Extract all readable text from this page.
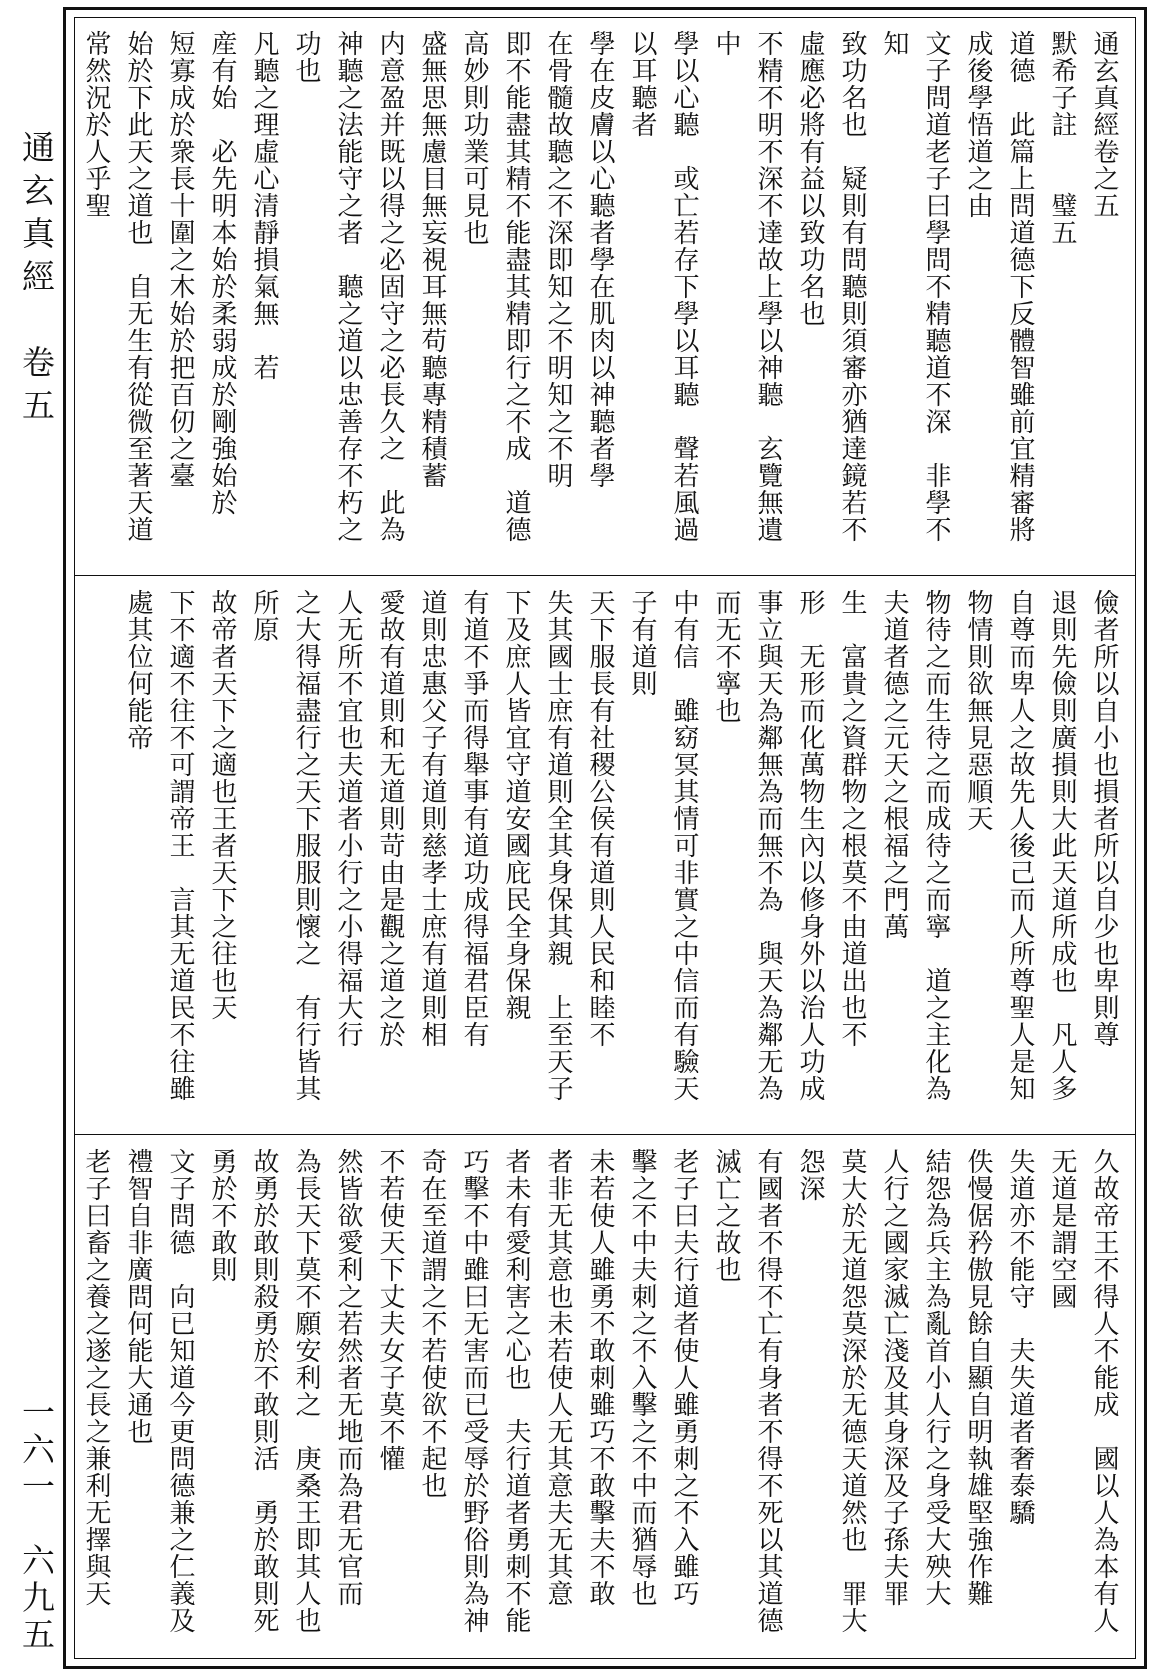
通玄真經　卷五
一六一　六九五
通玄真經卷之五
默希子註　　璧五
道德　此篇上問道德下反體智雖前宜精審將成後學悟道之由
文子問道老子曰學問不精聽道不深　非學不知
致功名也　疑則有問聽則須審亦猶達鏡若不虛應必將有益以致功名也
不精不明不深不達故上學以神聽　玄覽無遺中
學以心聽　或亡若存下學以耳聽　聲若風過以耳聽者
學在皮膚以心聽者學在肌肉以神聽者學
在骨髓故聽之不深即知之不明知之不明
即不能盡其精不能盡其精即行之不成　道德高妙則功業可見也
盛無思無慮目無妄視耳無苟聽專精積蓄
内意盈并既以得之必固守之必長久之　此為
神聽之法能守之者　聽之道以忠善存不朽之功也
凡聽之理虛心清靜損氣無　若
産有始　必先明本始於柔弱成於剛強始於
短寡成於衆長十圍之木始於把百仞之臺
始於下此天之道也　自无生有從微至著天道常然況於人乎聖

儉者所以自小也損者所以自少也卑則尊
退則先儉則廣損則大此天道所成也　凡人多自尊而卑人之故先人後己而人所尊聖人是知物情則欲無見惡順天
物待之而生待之而成待之而寧　道之主化為
夫道者德之元天之根福之門萬
生　富貴之資群物之根莫不由道出也不
形　无形而化萬物生內以修身外以治人功成
事立與天為鄰無為而無不為　與天為鄰无為而无不寧也
中有信　雖窈冥其情可非實之中信而有驗天子有道則
天下服長有社稷公侯有道則人民和睦不
失其國士庶有道則全其身保其親　上至天子下及庶人皆宜守道安國庇民全身保親
有道不爭而得舉事有道功成得福君臣有
道則忠惠父子有道則慈孝士庶有道則相
愛故有道則和无道則苛由是觀之道之於
人无所不宜也夫道者小行之小得福大行
之大得福盡行之天下服服則懷之　有行皆其所原
故帝者天下之適也王者天下之往也天
下不適不往不可謂帝王　言其无道民不往雖處其位何能帝
久故帝王不得人不能成　國以人為本有人无道是謂空國
失道亦不能守　夫失道者奢泰驕
佚慢倨矜傲見餘自顯自明執雄堅強作難
結怨為兵主為亂首小人行之身受大殃大
人行之國家滅亡淺及其身深及子孫夫罪
莫大於无道怨莫深於无德天道然也　罪大怨深
有國者不得不亡有身者不得不死以其道德滅亡之故也
老子曰夫行道者使人雖勇刺之不入雖巧
擊之不中夫刺之不入擊之不中而猶辱也
未若使人雖勇不敢刺雖巧不敢擊夫不敢
者非无其意也未若使人无其意夫无其意
者未有愛利害之心也　夫行道者勇刺不能巧擊不中雖曰无害而已受辱於野俗則為神奇在至道謂之不若使欲不起也
不若使天下丈夫女子莫不懽
然皆欲愛利之若然者无地而為君无官而
為長天下莫不願安利之　庚桑王即其人也
故勇於敢則殺勇於不敢則活　勇於敢則死勇於不敢則
文子問德　向已知道今更問德兼之仁義及禮智自非廣問何能大通也
老子曰畜之養之遂之長之兼利无擇與天
